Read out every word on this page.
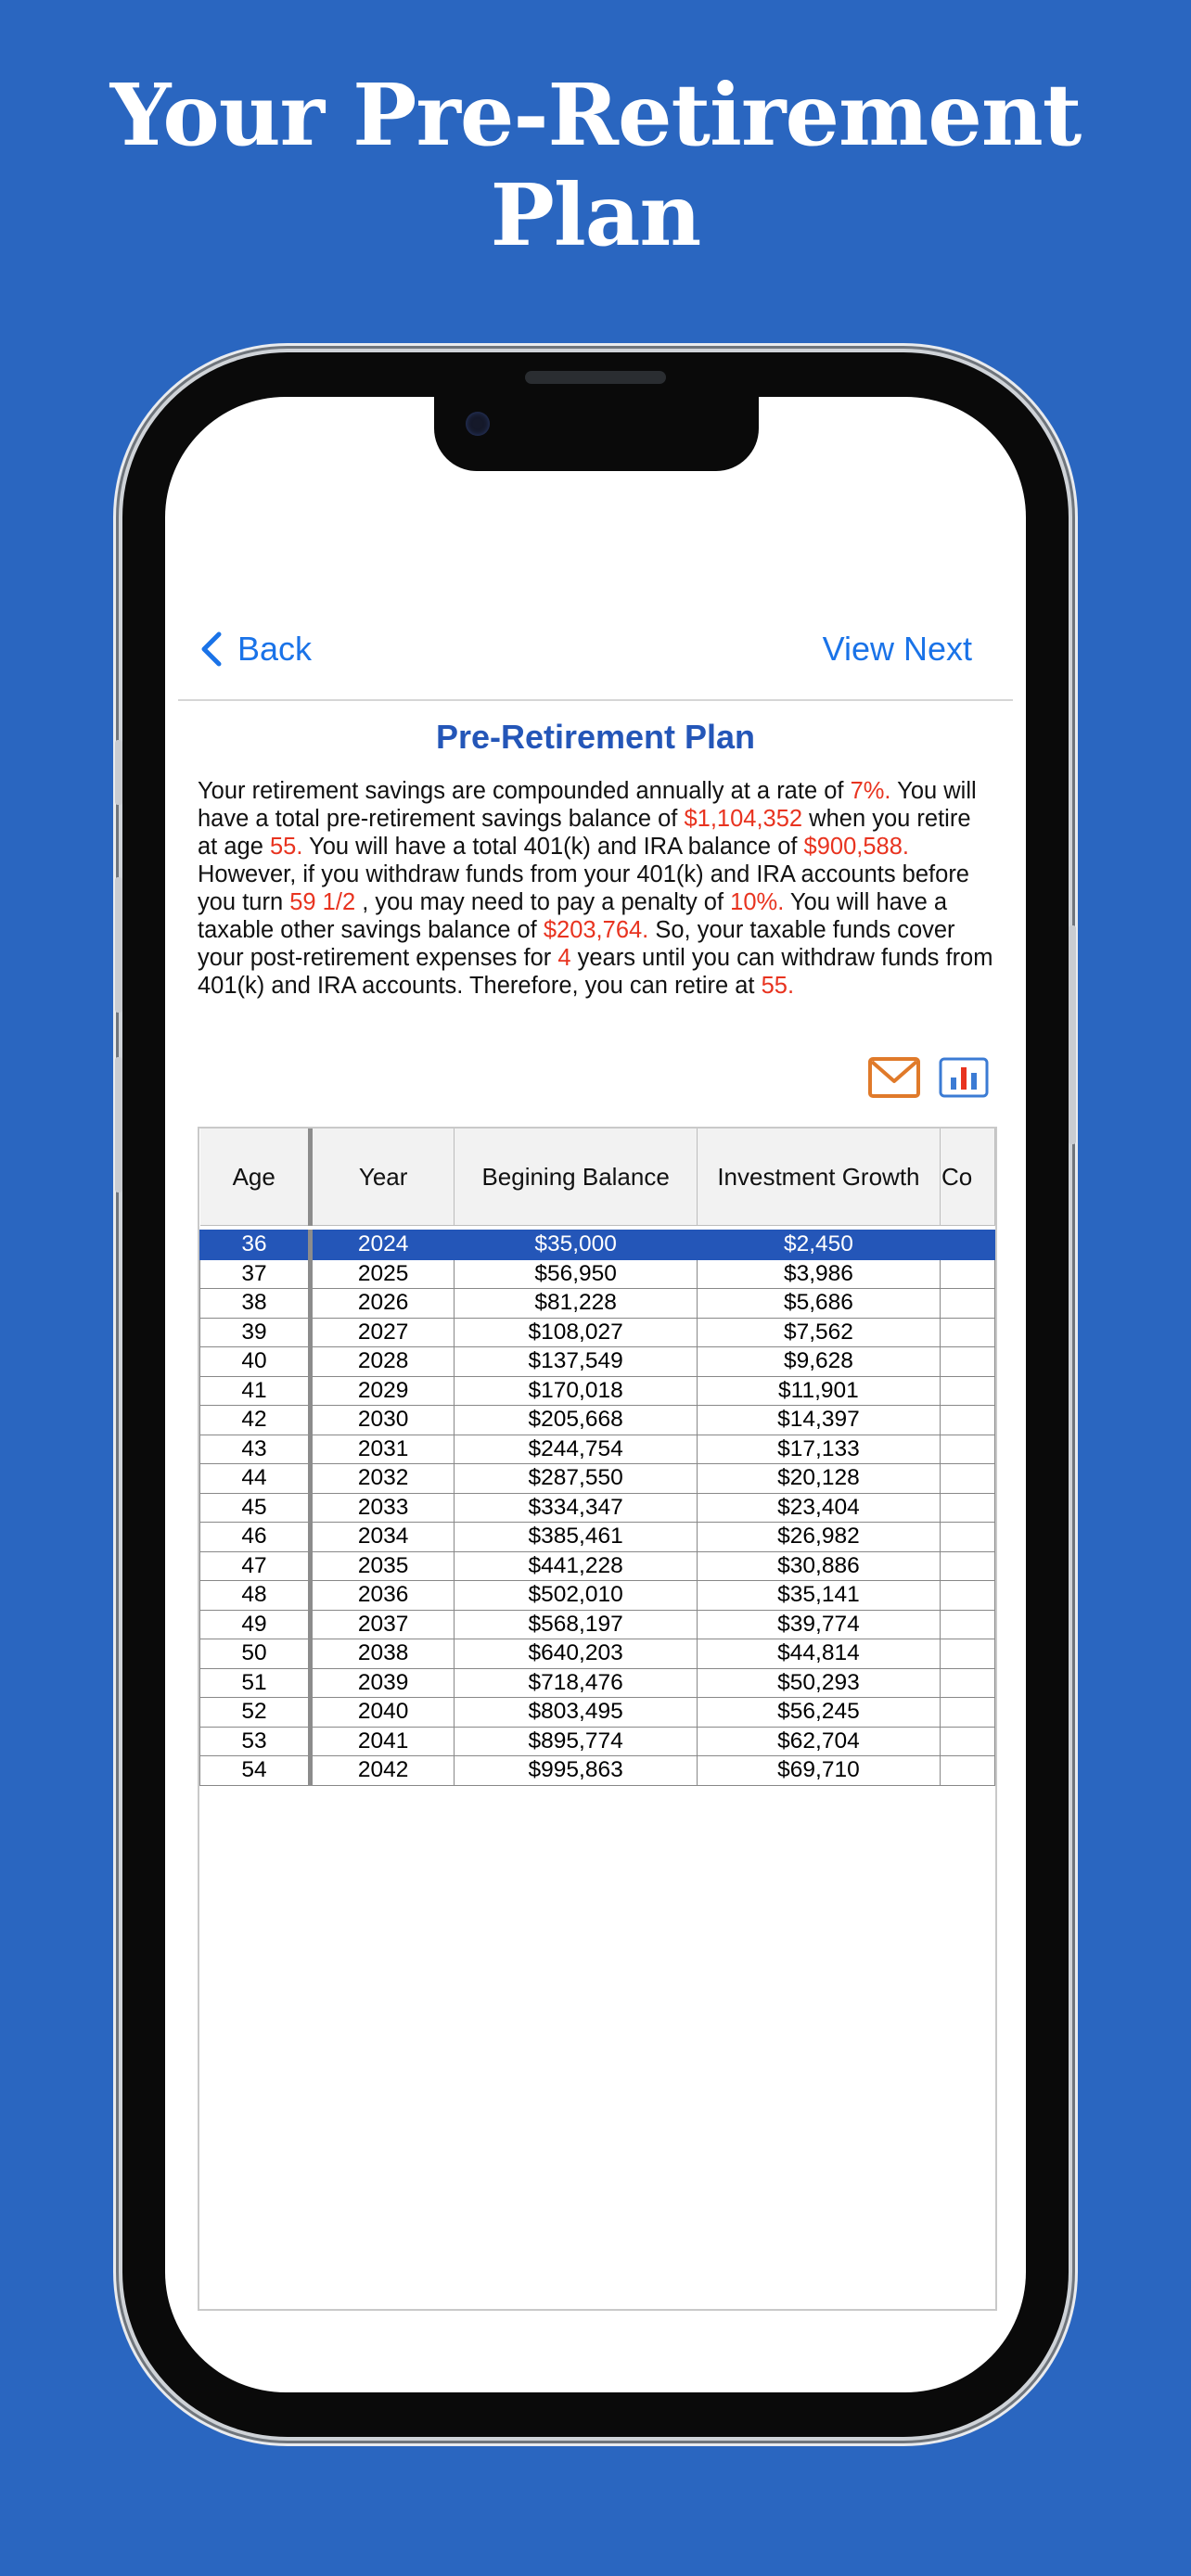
Your Pre-Retirement Plan
Back	View Next
Pre-Retirement Plan
Your retirement savings are compounded annually at a rate of 7%. You will have a total pre-retirement savings balance of $1,104,352 when you retire at age 55. You will have a total 401(k) and IRA balance of $900,588. However, if you withdraw funds from your 401(k) and IRA accounts before you turn 59 1/2 , you may need to pay a penalty of 10%. You will have a taxable other savings balance of $203,764. So, your taxable funds cover your post-retirement expenses for 4 years until you can withdraw funds from 401(k) and IRA accounts. Therefore, you can retire at 55.
Age	Year	Begining Balance	Investment Growth	Co

36	2024	$35,000	$2,450	
37	2025	$56,950	$3,986	
38	2026	$81,228	$5,686	
39	2027	$108,027	$7,562	
40	2028	$137,549	$9,628	
41	2029	$170,018	$11,901	
42	2030	$205,668	$14,397	
43	2031	$244,754	$17,133	
44	2032	$287,550	$20,128	
45	2033	$334,347	$23,404	
46	2034	$385,461	$26,982	
47	2035	$441,228	$30,886	
48	2036	$502,010	$35,141	
49	2037	$568,197	$39,774	
50	2038	$640,203	$44,814	
51	2039	$718,476	$50,293	
52	2040	$803,495	$56,245	
53	2041	$895,774	$62,704	
54	2042	$995,863	$69,710	
